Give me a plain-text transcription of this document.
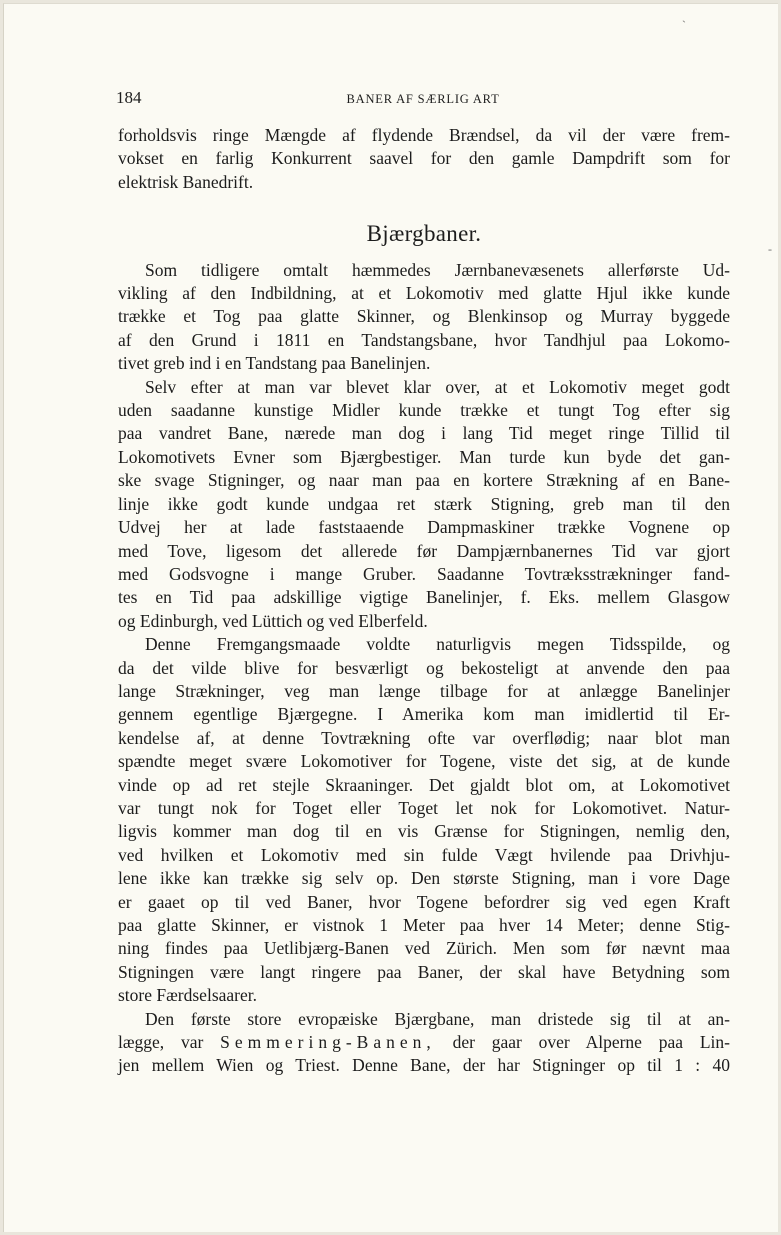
`
-
184	BANER AF SÆRLIG ART

forholdsvis ringe Mængde af flydende Brændsel, da vil der være frem-
vokset en farlig Konkurrent saavel for den gamle Dampdrift som for
elektrisk Banedrift.

Bjærgbaner.

Som tidligere omtalt hæmmedes Jærnbanevæsenets allerførste Ud-
vikling af den Indbildning, at et Lokomotiv med glatte Hjul ikke kunde
trække et Tog paa glatte Skinner, og Blenkinsop og Murray byggede
af den Grund i 1811 en Tandstangsbane, hvor Tandhjul paa Lokomo-
tivet greb ind i en Tandstang paa Banelinjen.

Selv efter at man var blevet klar over, at et Lokomotiv meget godt
uden saadanne kunstige Midler kunde trække et tungt Tog efter sig
paa vandret Bane, nærede man dog i lang Tid meget ringe Tillid til
Lokomotivets Evner som Bjærgbestiger. Man turde kun byde det gan-
ske svage Stigninger, og naar man paa en kortere Strækning af en Bane-
linje ikke godt kunde undgaa ret stærk Stigning, greb man til den
Udvej her at lade faststaaende Dampmaskiner trække Vognene op
med Tove, ligesom det allerede før Dampjærnbanernes Tid var gjort
med Godsvogne i mange Gruber. Saadanne Tovtræksstrækninger fand-
tes en Tid paa adskillige vigtige Banelinjer, f. Eks. mellem Glasgow
og Edinburgh, ved Lüttich og ved Elberfeld.

Denne Fremgangsmaade voldte naturligvis megen Tidsspilde, og
da det vilde blive for besværligt og bekosteligt at anvende den paa
lange Strækninger, veg man længe tilbage for at anlægge Banelinjer
gennem egentlige Bjærgegne. I Amerika kom man imidlertid til Er-
kendelse af, at denne Tovtrækning ofte var overflødig; naar blot man
spændte meget svære Lokomotiver for Togene, viste det sig, at de kunde
vinde op ad ret stejle Skraaninger. Det gjaldt blot om, at Lokomotivet
var tungt nok for Toget eller Toget let nok for Lokomotivet. Natur-
ligvis kommer man dog til en vis Grænse for Stigningen, nemlig den,
ved hvilken et Lokomotiv med sin fulde Vægt hvilende paa Drivhju-
lene ikke kan trække sig selv op. Den største Stigning, man i vore Dage
er gaaet op til ved Baner, hvor Togene befordrer sig ved egen Kraft
paa glatte Skinner, er vistnok 1 Meter paa hver 14 Meter; denne Stig-
ning findes paa Uetlibjærg-Banen ved Zürich. Men som før nævnt maa
Stigningen være langt ringere paa Baner, der skal have Betydning som
store Færdselsaarer.

Den første store evropæiske Bjærgbane, man dristede sig til at an-
lægge, var Semmering-Banen, der gaar over Alperne paa Lin-
jen mellem Wien og Triest. Denne Bane, der har Stigninger op til 1 : 40
